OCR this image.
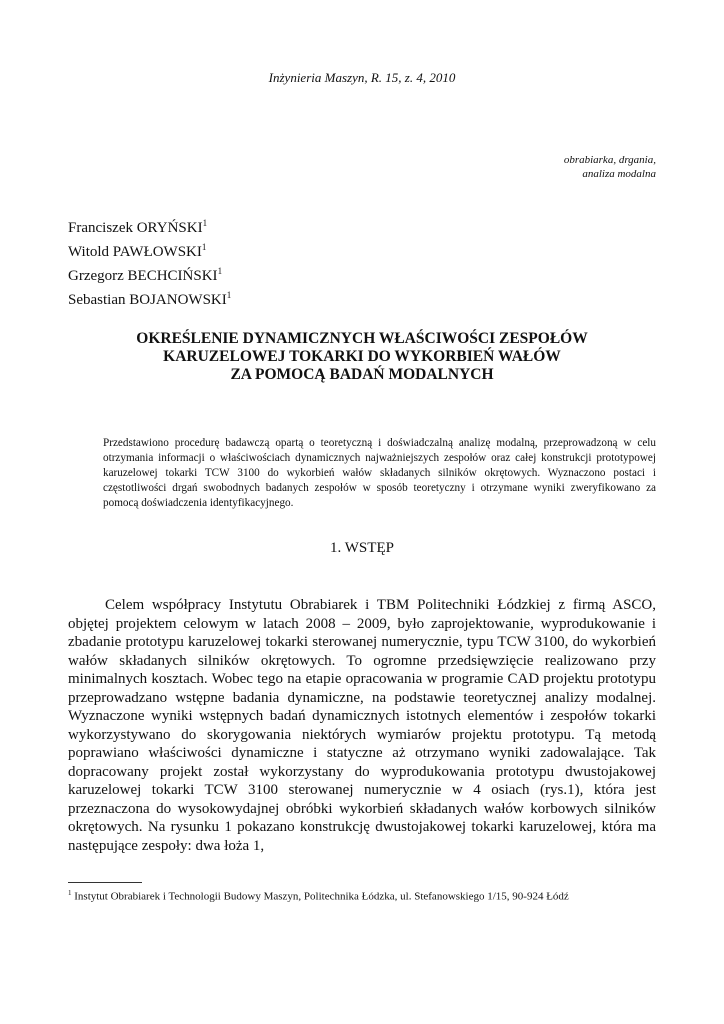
Inżynieria Maszyn, R. 15, z. 4, 2010
obrabiarka, drgania,
analiza modalna
Franciszek ORYŃSKI$^1$
Witold PAWŁOWSKI$^1$
Grzegorz BECHCIŃSKI$^1$
Sebastian BOJANOWSKI$^1$
OKREŚLENIE DYNAMICZNYCH WŁAŚCIWOŚCI ZESPOŁÓW
KARUZELOWEJ TOKARKI DO WYKORBIEŃ WAŁÓW
ZA POMOCĄ BADAŃ MODALNYCH
Przedstawiono procedurę badawczą opartą o teoretyczną i doświadczalną analizę modalną, przeprowadzoną w celu otrzymania informacji o właściwościach dynamicznych najważniejszych zespołów oraz całej konstrukcji prototypowej karuzelowej tokarki TCW 3100 do wykorbień wałów składanych silników okrętowych. Wyznaczono postaci i częstotliwości drgań swobodnych badanych zespołów w sposób teoretyczny i otrzymane wyniki zweryfikowano za pomocą doświadczenia identyfikacyjnego.
1. WSTĘP
Celem współpracy Instytutu Obrabiarek i TBM Politechniki Łódzkiej z firmą ASCO, objętej projektem celowym w latach 2008 – 2009, było zaprojektowanie, wyprodukowanie i zbadanie prototypu karuzelowej tokarki sterowanej numerycznie, typu TCW 3100, do wykorbień wałów składanych silników okrętowych. To ogromne przedsięwzięcie realizowano przy minimalnych kosztach. Wobec tego na etapie opracowania w programie CAD projektu prototypu przeprowadzano wstępne badania dynamiczne, na podstawie teoretycznej analizy modalnej. Wyznaczone wyniki wstępnych badań dynamicznych istotnych elementów i zespołów tokarki wykorzystywano do skorygowania niektórych wymiarów projektu prototypu. Tą metodą poprawiano właściwości dynamiczne i statyczne aż otrzymano wyniki zadowalające. Tak dopracowany projekt został wykorzystany do wyprodukowania prototypu dwustojakowej karuzelowej tokarki TCW 3100 sterowanej numerycznie w 4 osiach (rys.1), która jest przeznaczona do wysokowydajnej obróbki wykorbień składanych wałów korbowych silników okrętowych. Na rysunku 1 pokazano konstrukcję dwustojakowej tokarki karuzelowej, która ma następujące zespoły: dwa łoża 1,
$^1$ Instytut Obrabiarek i Technologii Budowy Maszyn, Politechnika Łódzka, ul. Stefanowskiego 1/15, 90-924 Łódź
